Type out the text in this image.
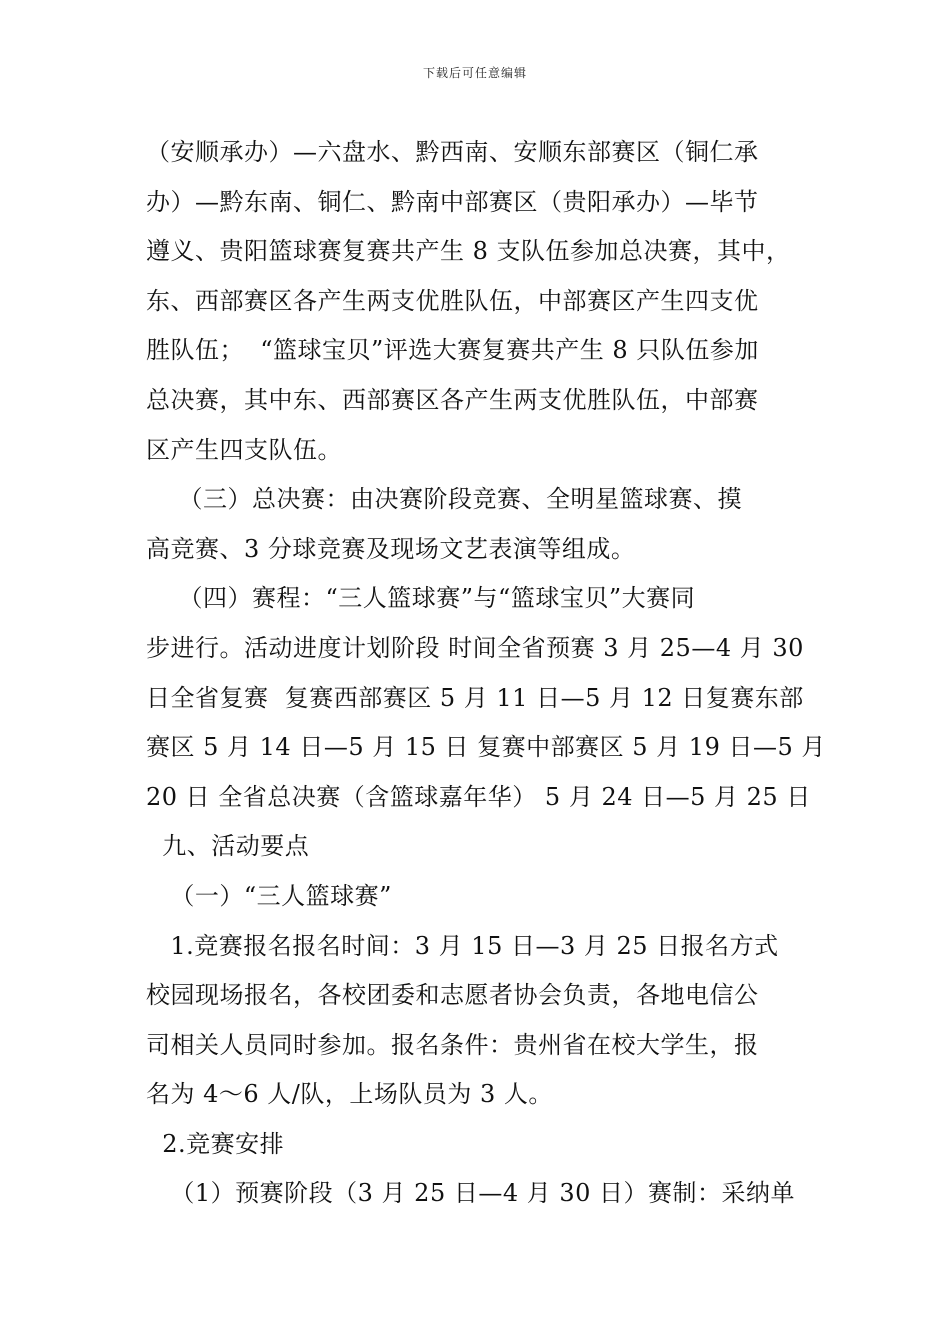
下载后可任意编辑
（安顺承办）—六盘水、黔西南、安顺东部赛区（铜仁承
办）—黔东南、铜仁、黔南中部赛区（贵阳承办）—毕节
遵义、贵阳篮球赛复赛共产生 8 支队伍参加总决赛，其中，
东、西部赛区各产生两支优胜队伍，中部赛区产生四支优
胜队伍；  “篮球宝贝”评选大赛复赛共产生 8 只队伍参加
总决赛，其中东、西部赛区各产生两支优胜队伍，中部赛
区产生四支队伍。
（三）总决赛：由决赛阶段竞赛、全明星篮球赛、摸
高竞赛、3 分球竞赛及现场文艺表演等组成。
（四）赛程：“三人篮球赛”与“篮球宝贝”大赛同
步进行。活动进度计划阶段 时间全省预赛 3 月 25—4 月 30
日全省复赛  复赛西部赛区 5 月 11 日—5 月 12 日复赛东部
赛区 5 月 14 日—5 月 15 日 复赛中部赛区 5 月 19 日—5 月
20 日 全省总决赛（含篮球嘉年华） 5 月 24 日—5 月 25 日
九、活动要点
（一）“三人篮球赛”
1.竞赛报名报名时间：3 月 15 日—3 月 25 日报名方式
校园现场报名，各校团委和志愿者协会负责，各地电信公
司相关人员同时参加。报名条件：贵州省在校大学生，报
名为 4～6 人/队，上场队员为 3 人。
2.竞赛安排
（1）预赛阶段（3 月 25 日—4 月 30 日）赛制：采纳单
